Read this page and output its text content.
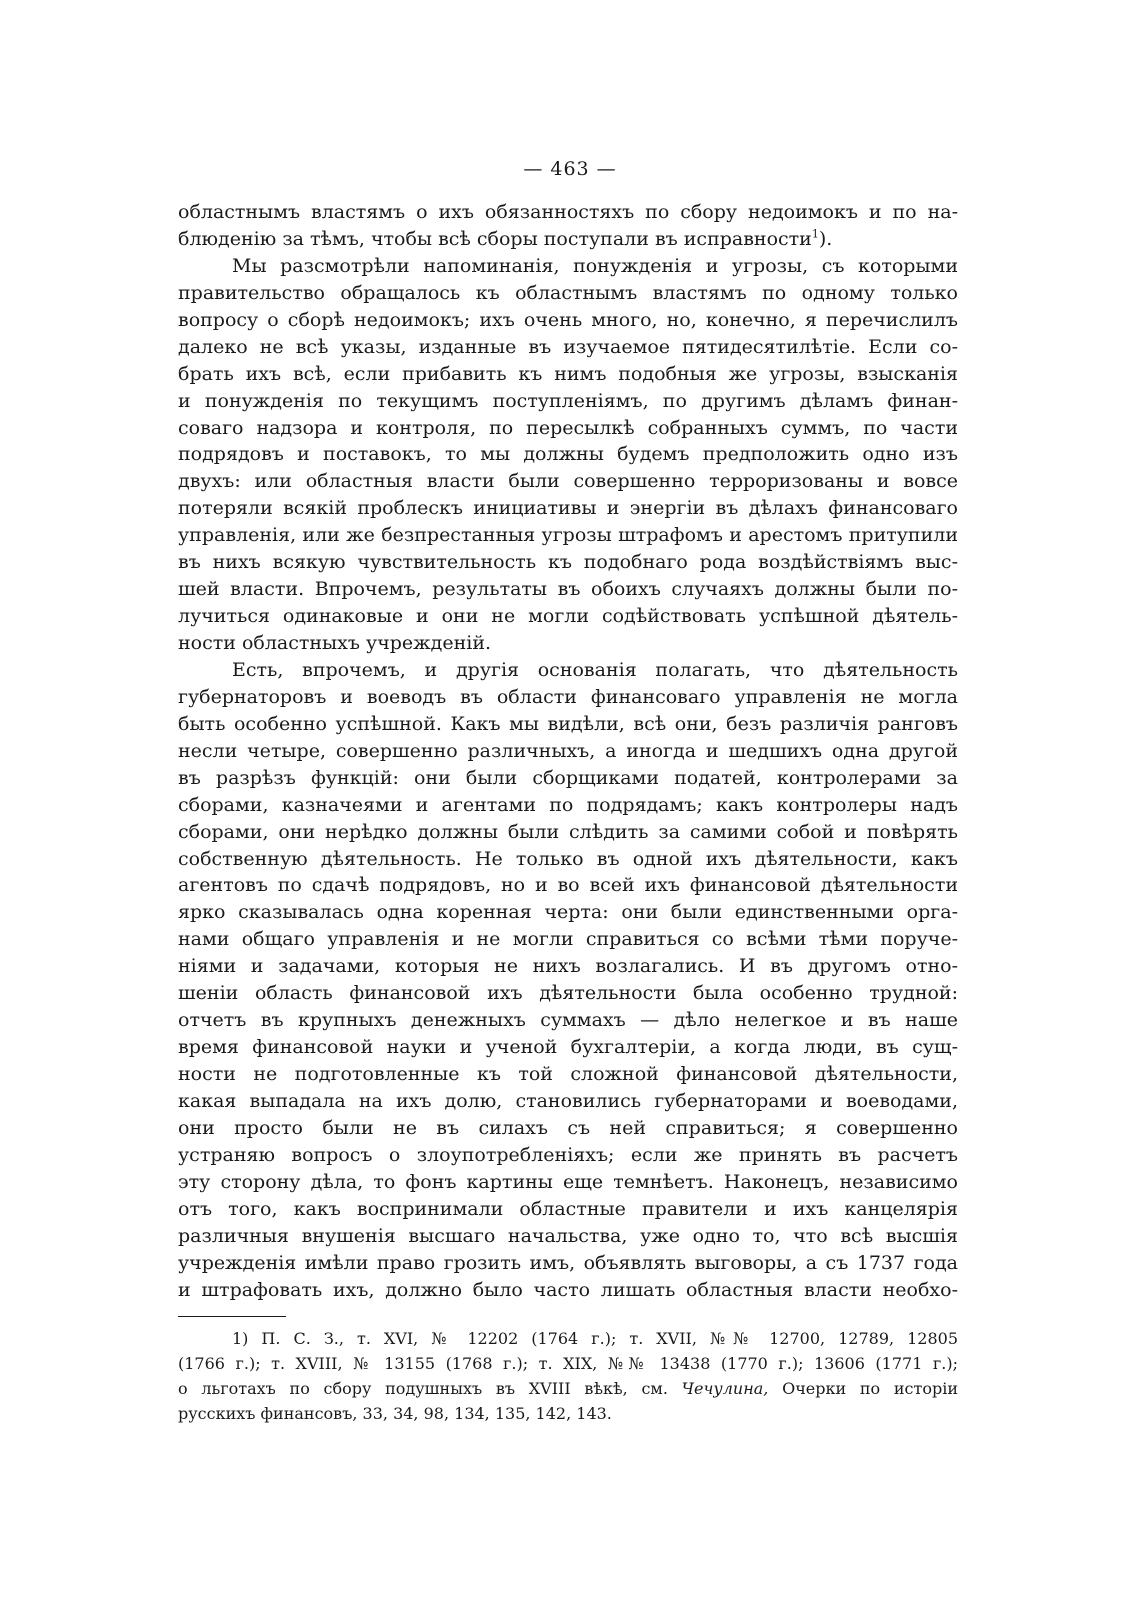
— 463 —
областнымъ властямъ о ихъ обязанностяхъ по сбору недоимокъ и по на-
блюденію за тѣмъ, чтобы всѣ сборы поступали въ исправности$^1$).
Мы разсмотрѣли напоминанія, понужденія и угрозы, съ которыми
правительство обращалось къ областнымъ властямъ по одному только
вопросу о сборѣ недоимокъ; ихъ очень много, но, конечно, я перечислилъ
далеко не всѣ указы, изданные въ изучаемое пятидесятилѣтіе. Если со-
брать ихъ всѣ, если прибавить къ нимъ подобныя же угрозы, взысканія
и понужденія по текущимъ поступленіямъ, по другимъ дѣламъ финан-
соваго надзора и контроля, по пересылкѣ собранныхъ суммъ, по части
подрядовъ и поставокъ, то мы должны будемъ предположить одно изъ
двухъ: или областныя власти были совершенно терроризованы и вовсе
потеряли всякій проблескъ инициативы и энергіи въ дѣлахъ финансоваго
управленія, или же безпрестанныя угрозы штрафомъ и арестомъ притупили
въ нихъ всякую чувствительность къ подобнаго рода воздѣйствіямъ выс-
шей власти. Впрочемъ, результаты въ обоихъ случаяхъ должны были по-
лучиться одинаковые и они не могли содѣйствовать успѣшной дѣятель-
ности областныхъ учрежденій.
Есть, впрочемъ, и другія основанія полагать, что дѣятельность
губернаторовъ и воеводъ въ области финансоваго управленія не могла
быть особенно успѣшной. Какъ мы видѣли, всѣ они, безъ различія ранговъ
несли четыре, совершенно различныхъ, а иногда и шедшихъ одна другой
въ разрѣзъ функцій: они были сборщиками податей, контролерами за
сборами, казначеями и агентами по подрядамъ; какъ контролеры надъ
сборами, они нерѣдко должны были слѣдить за самими собой и повѣрять
собственную дѣятельность. Не только въ одной ихъ дѣятельности, какъ
агентовъ по сдачѣ подрядовъ, но и во всей ихъ финансовой дѣятельности
ярко сказывалась одна коренная черта: они были единственными орга-
нами общаго управленія и не могли справиться со всѣми тѣми поруче-
ніями и задачами, которыя не нихъ возлагались. И въ другомъ отно-
шеніи область финансовой ихъ дѣятельности была особенно трудной:
отчетъ въ крупныхъ денежныхъ суммахъ — дѣло нелегкое и въ наше
время финансовой науки и ученой бухгалтеріи, а когда люди, въ сущ-
ности не подготовленные къ той сложной финансовой дѣятельности,
какая выпадала на ихъ долю, становились губернаторами и воеводами,
они просто были не въ силахъ съ ней справиться; я совершенно
устраняю вопросъ о злоупотребленіяхъ; если же принять въ расчетъ
эту сторону дѣла, то фонъ картины еще темнѣетъ. Наконецъ, независимо
отъ того, какъ воспринимали областные правители и ихъ канцелярія
различныя внушенія высшаго начальства, уже одно то, что всѣ высшія
учрежденія имѣли право грозить имъ, объявлять выговоры, а съ 1737 года
и штрафовать ихъ, должно было часто лишать областныя власти необхо-
1) П. С. З., т. XVI, № 12202 (1764 г.); т. XVII, №№ 12700, 12789, 12805
(1766 г.); т. XVIII, № 13155 (1768 г.); т. XIX, №№ 13438 (1770 г.); 13606 (1771 г.);
о льготахъ по сбору подушныхъ въ XVIII вѣкѣ, см. Чечулина, Очерки по исторіи
русскихъ финансовъ, 33, 34, 98, 134, 135, 142, 143.
